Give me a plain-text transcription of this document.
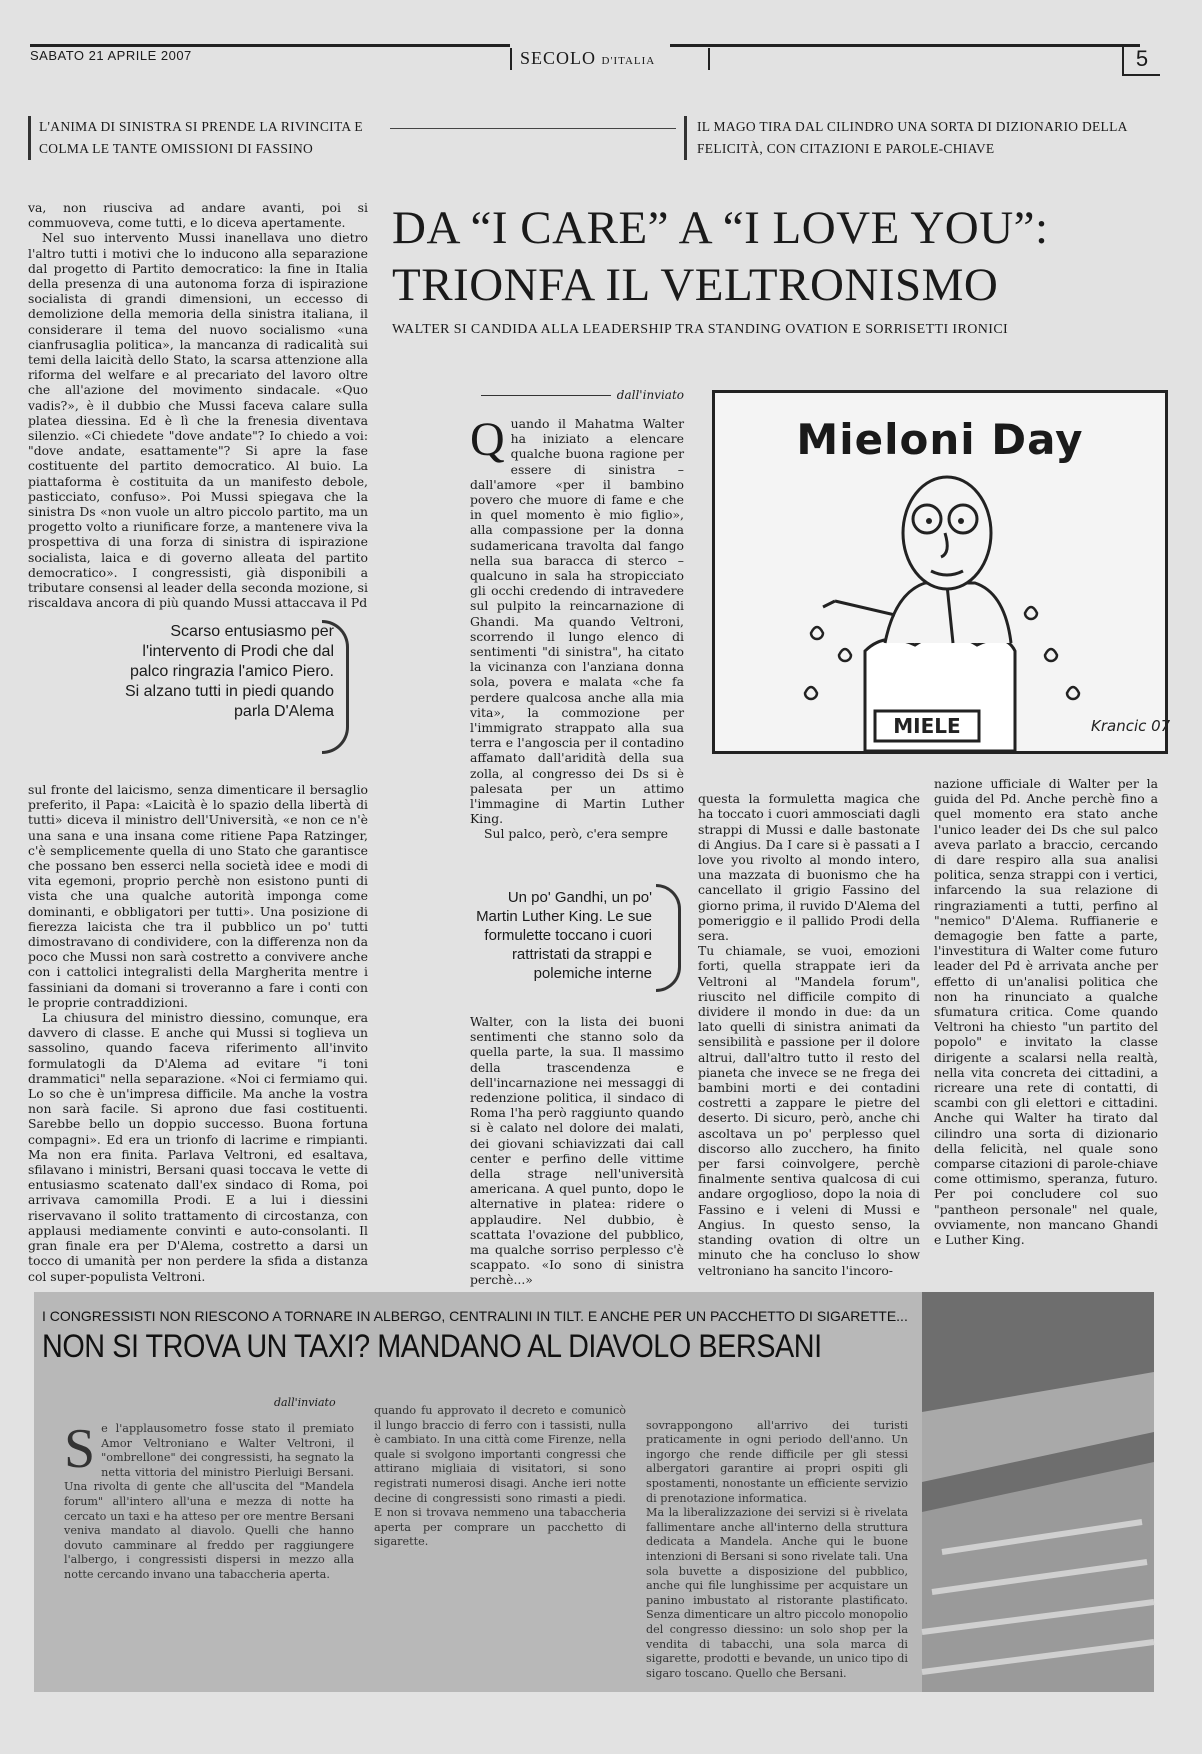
SABATO 21 APRILE 2007	SECOLO D'ITALIA	5
L'ANIMA DI SINISTRA SI PRENDE LA RIVINCITA E COLMA LE TANTE OMISSIONI DI FASSINO
IL MAGO TIRA DAL CILINDRO UNA SORTA DI DIZIONARIO DELLA FELICITÀ, CON CITAZIONI E PAROLE-CHIAVE

va, non riusciva ad andare avanti, poi si commuoveva, come tutti, e lo diceva apertamente.

Nel suo intervento Mussi inanellava uno dietro l'altro tutti i motivi che lo inducono alla separazione dal progetto di Partito democratico: la fine in Italia della presenza di una autonoma forza di ispirazione socialista di grandi dimensioni, un eccesso di demolizione della memoria della sinistra italiana, il considerare il tema del nuovo socialismo «una cianfrusaglia politica», la mancanza di radicalità sui temi della laicità dello Stato, la scarsa attenzione alla riforma del welfare e al precariato del lavoro oltre che all'azione del movimento sindacale. «Quo vadis?», è il dubbio che Mussi faceva calare sulla platea diessina. Ed è lì che la frenesia diventava silenzio. «Ci chiedete "dove andate"? Io chiedo a voi: "dove andate, esattamente"? Si apre la fase costituente del partito democratico. Al buio. La piattaforma è costituita da un manifesto debole, pasticciato, confuso». Poi Mussi spiegava che la sinistra Ds «non vuole un altro piccolo partito, ma un progetto volto a riunificare forze, a mantenere viva la prospettiva di una forza di sinistra di ispirazione socialista, laica e di governo alleata del partito democratico». I congressisti, già disponibili a tributare consensi al leader della seconda mozione, si riscaldava ancora di più quando Mussi attaccava il Pd

Scarso entusiasmo per l'intervento di Prodi che dal palco ringrazia l'amico Piero. Si alzano tutti in piedi quando parla D'Alema

sul fronte del laicismo, senza dimenticare il bersaglio preferito, il Papa: «Laicità è lo spazio della libertà di tutti» diceva il ministro dell'Università, «e non ce n'è una sana e una insana come ritiene Papa Ratzinger, c'è semplicemente quella di uno Stato che garantisce che possano ben esserci nella società idee e modi di vita egemoni, proprio perchè non esistono punti di vista che una qualche autorità imponga come dominanti, e obbligatori per tutti». Una posizione di fierezza laicista che tra il pubblico un po' tutti dimostravano di condividere, con la differenza non da poco che Mussi non sarà costretto a convivere anche con i cattolici integralisti della Margherita mentre i fassiniani da domani si troveranno a fare i conti con le proprie contraddizioni.

La chiusura del ministro diessino, comunque, era davvero di classe. E anche qui Mussi si toglieva un sassolino, quando faceva riferimento all'invito formulatogli da D'Alema ad evitare "i toni drammatici" nella separazione. «Noi ci fermiamo qui. Lo so che è un'impresa difficile. Ma anche la vostra non sarà facile. Si aprono due fasi costituenti. Sarebbe bello un doppio successo. Buona fortuna compagni». Ed era un trionfo di lacrime e rimpianti. Ma non era finita. Parlava Veltroni, ed esaltava, sfilavano i ministri, Bersani quasi toccava le vette di entusiasmo scatenato dall'ex sindaco di Roma, poi arrivava camomilla Prodi. E a lui i diessini riservavano il solito trattamento di circostanza, con applausi mediamente convinti e auto-consolanti. Il gran finale era per D'Alema, costretto a darsi un tocco di umanità per non perdere la sfida a distanza col super-populista Veltroni.

DA “I CARE” A “I LOVE YOU”:
TRIONFA IL VELTRONISMO
WALTER SI CANDIDA ALLA LEADERSHIP TRA STANDING OVATION E SORRISETTI IRONICI
dall'inviato
Q uando il Mahatma Walter ha iniziato a elencare qualche buona ragione per essere di sinistra – dall'amore «per il bambino povero che muore di fame e che in quel momento è mio figlio», alla compassione per la donna sudamericana travolta dal fango nella sua baracca di sterco – qualcuno in sala ha stropicciato gli occhi credendo di intravedere sul pulpito la reincarnazione di Ghandi. Ma quando Veltroni, scorrendo il lungo elenco di sentimenti "di sinistra", ha citato la vicinanza con l'anziana donna sola, povera e malata «che fa perdere qualcosa anche alla mia vita», la commozione per l'immigrato strappato alla sua terra e l'angoscia per il contadino affamato dall'aridità della sua zolla, al congresso dei Ds si è palesata per un attimo l'immagine di Martin Luther King.

Sul palco, però, c'era sempre

Un po' Gandhi, un po' Martin Luther King. Le sue formulette toccano i cuori rattristati da strappi e polemiche interne

Walter, con la lista dei buoni sentimenti che stanno solo da quella parte, la sua. Il massimo della trascendenza e dell'incarnazione nei messaggi di redenzione politica, il sindaco di Roma l'ha però raggiunto quando si è calato nel dolore dei malati, dei giovani schiavizzati dai call center e perfino delle vittime della strage nell'università americana. A quel punto, dopo le alternative in platea: ridere o applaudire. Nel dubbio, è scattata l'ovazione del pubblico, ma qualche sorriso perplesso c'è scappato. «Io sono di sinistra perchè...»

questa la formuletta magica che ha toccato i cuori ammosciati dagli strappi di Mussi e dalle bastonate di Angius. Da I care si è passati a I love you rivolto al mondo intero, una mazzata di buonismo che ha cancellato il grigio Fassino del giorno prima, il ruvido D'Alema del pomeriggio e il pallido Prodi della sera.
Tu chiamale, se vuoi, emozioni forti, quella strappate ieri da Veltroni al "Mandela forum", riuscito nel difficile compito di dividere il mondo in due: da un lato quelli di sinistra animati da sensibilità e passione per il dolore altrui, dall'altro tutto il resto del pianeta che invece se ne frega dei bambini morti e dei contadini costretti a zappare le pietre del deserto. Di sicuro, però, anche chi ascoltava un po' perplesso quel discorso allo zucchero, ha finito per farsi coinvolgere, perchè finalmente sentiva qualcosa di cui andare orgoglioso, dopo la noia di Fassino e i veleni di Mussi e Angius. In questo senso, la standing ovation di oltre un minuto che ha concluso lo show veltroniano ha sancito l'incoro-

nazione ufficiale di Walter per la guida del Pd. Anche perchè fino a quel momento era stato anche l'unico leader dei Ds che sul palco aveva parlato a braccio, cercando di dare respiro alla sua analisi politica, senza strappi con i vertici, infarcendo la sua relazione di ringraziamenti a tutti, perfino al "nemico" D'Alema. Ruffianerie e demagogie ben fatte a parte, l'investitura di Walter come futuro leader del Pd è arrivata anche per effetto di un'analisi politica che non ha rinunciato a qualche sfumatura critica. Come quando Veltroni ha chiesto "un partito del popolo" e invitato la classe dirigente a scalarsi nella realtà, nella vita concreta dei cittadini, a ricreare una rete di contatti, di scambi con gli elettori e cittadini. Anche qui Walter ha tirato dal cilindro una sorta di dizionario della felicità, nel quale sono comparse citazioni di parole-chiave come ottimismo, speranza, futuro. Per poi concludere col suo "pantheon personale" nel quale, ovviamente, non mancano Ghandi e Luther King.

Mieloni Day
MIELE	Krancic 07
I CONGRESSISTI NON RIESCONO A TORNARE IN ALBERGO, CENTRALINI IN TILT. E ANCHE PER UN PACCHETTO DI SIGARETTE...
NON SI TROVA UN TAXI? MANDANO AL DIAVOLO BERSANI
dall'inviato
S e l'applausometro fosse stato il premiato Amor Veltroniano e Walter Veltroni, il "ombrellone" dei congressisti, ha segnato la netta vittoria del ministro Pierluigi Bersani. Una rivolta di gente che all'uscita del "Mandela forum" all'intero all'una e mezza di notte ha cercato un taxi e ha atteso per ore mentre Bersani veniva mandato al diavolo. Quelli che hanno dovuto camminare al freddo per raggiungere l'albergo, i congressisti dispersi in mezzo alla notte cercando invano una tabaccheria aperta.

quando fu approvato il decreto e comunicò il lungo braccio di ferro con i tassisti, nulla è cambiato. In una città come Firenze, nella quale si svolgono importanti congressi che attirano migliaia di visitatori, si sono registrati numerosi disagi. Anche ieri notte decine di congressisti sono rimasti a piedi. E non si trovava nemmeno una tabaccheria aperta per comprare un pacchetto di sigarette.

sovrappongono all'arrivo dei turisti praticamente in ogni periodo dell'anno. Un ingorgo che rende difficile per gli stessi albergatori garantire ai propri ospiti gli spostamenti, nonostante un efficiente servizio di prenotazione informatica.
Ma la liberalizzazione dei servizi si è rivelata fallimentare anche all'interno della struttura dedicata a Mandela. Anche qui le buone intenzioni di Bersani si sono rivelate tali. Una sola buvette a disposizione del pubblico, anche qui file lunghissime per acquistare un panino imbustato al ristorante plastificato. Senza dimenticare un altro piccolo monopolio del congresso diessino: un solo shop per la vendita di tabacchi, una sola marca di sigarette, prodotti e bevande, un unico tipo di sigaro toscano. Quello che Bersani.
